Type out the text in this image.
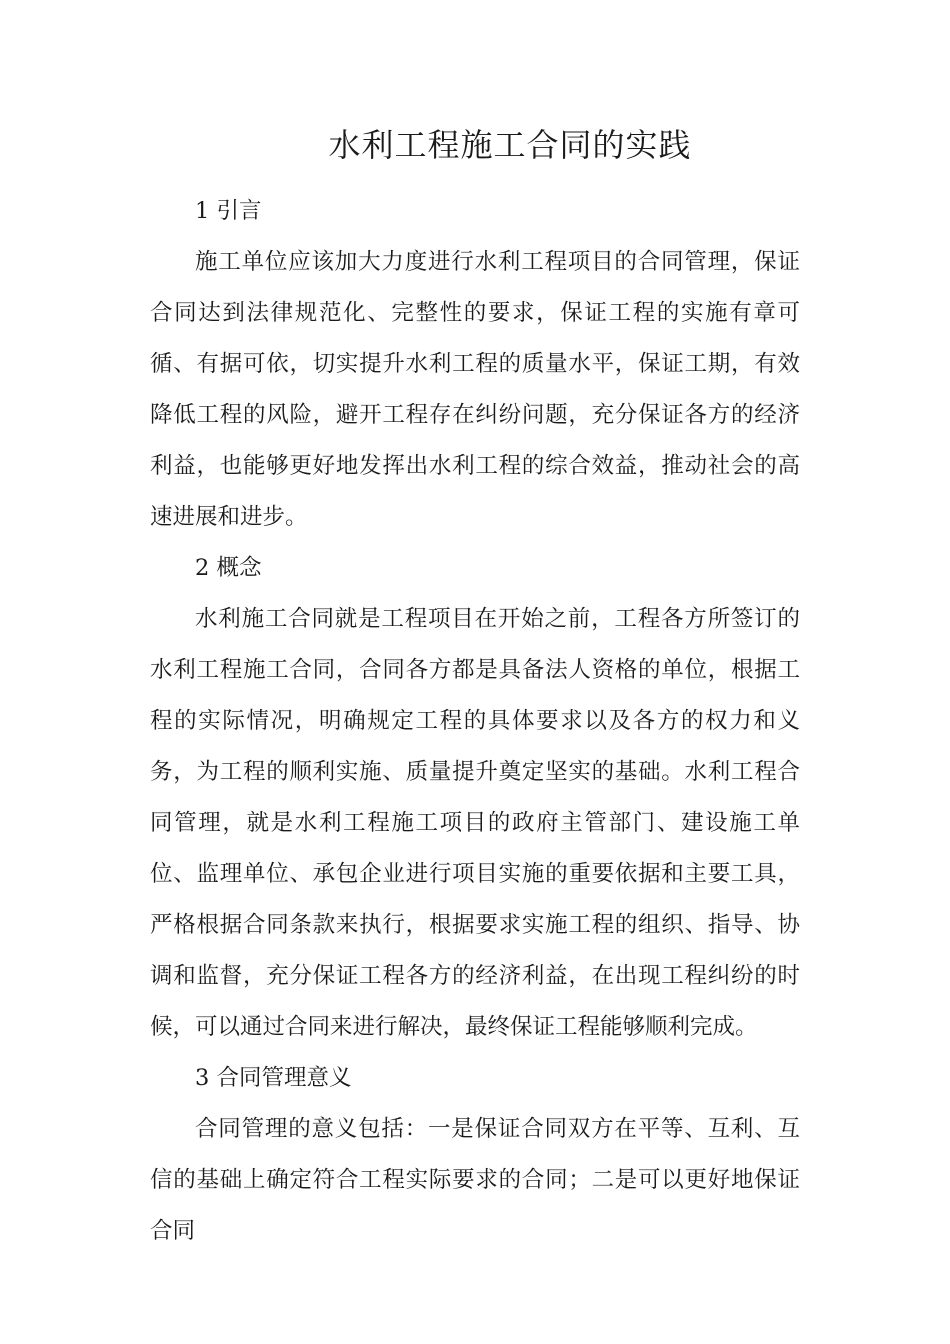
水利工程施工合同的实践

1 引言

施工单位应该加大力度进行水利工程项目的合同管理，保证合同达到法律规范化、完整性的要求，保证工程的实施有章可循、有据可依，切实提升水利工程的质量水平，保证工期，有效降低工程的风险，避开工程存在纠纷问题，充分保证各方的经济利益，也能够更好地发挥出水利工程的综合效益，推动社会的高速进展和进步。

2 概念

水利施工合同就是工程项目在开始之前，工程各方所签订的水利工程施工合同，合同各方都是具备法人资格的单位，根据工程的实际情况，明确规定工程的具体要求以及各方的权力和义务，为工程的顺利实施、质量提升奠定坚实的基础。水利工程合同管理，就是水利工程施工项目的政府主管部门、建设施工单位、监理单位、承包企业进行项目实施的重要依据和主要工具，严格根据合同条款来执行，根据要求实施工程的组织、指导、协调和监督，充分保证工程各方的经济利益，在出现工程纠纷的时候，可以通过合同来进行解决，最终保证工程能够顺利完成。

3 合同管理意义

合同管理的意义包括：一是保证合同双方在平等、互利、互信的基础上确定符合工程实际要求的合同；二是可以更好地保证合同
